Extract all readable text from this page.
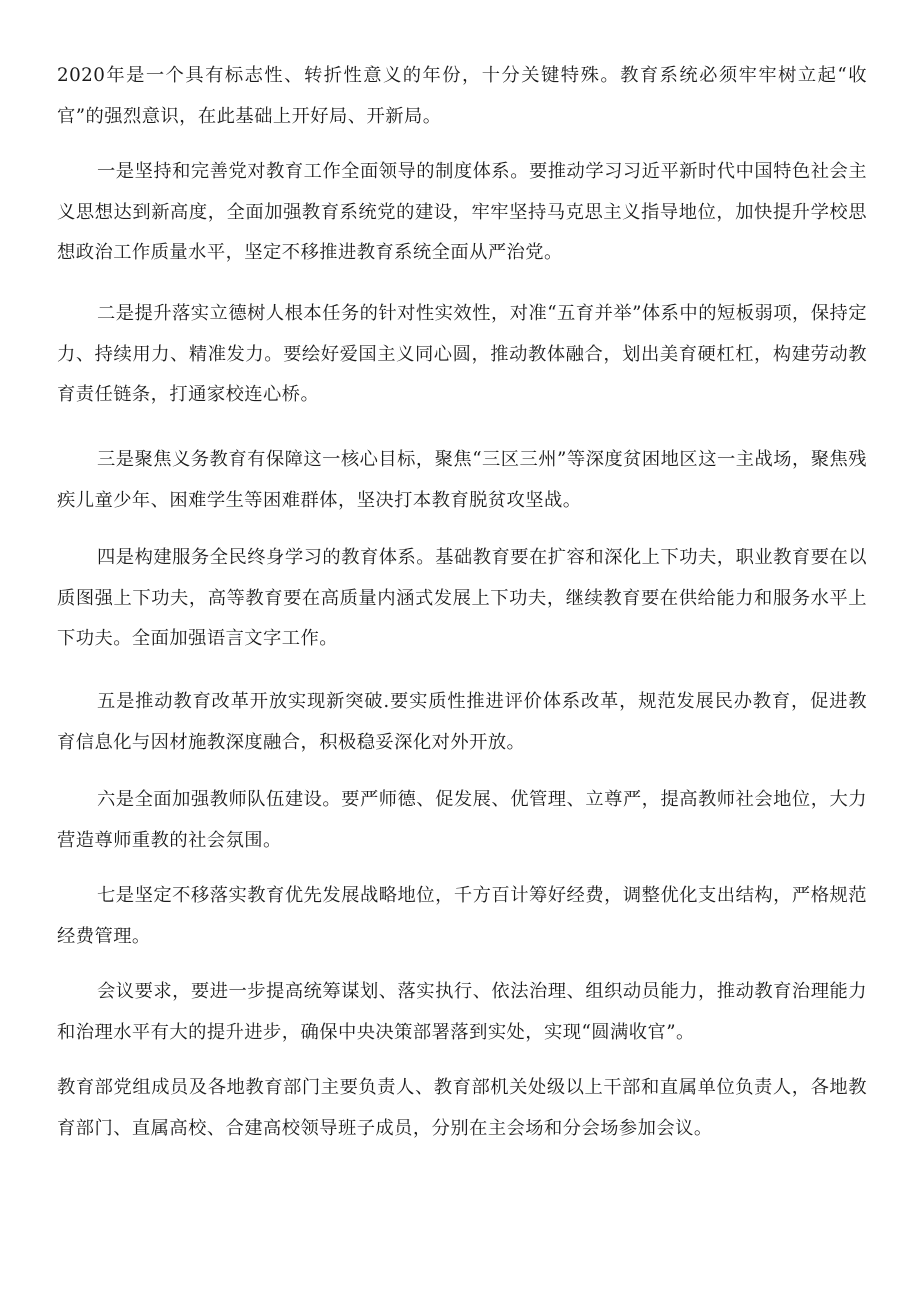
2020年是一个具有标志性、转折性意义的年份，十分关键特殊。教育系统必须牢牢树立起“收官”的强烈意识，在此基础上开好局、开新局。

一是坚持和完善党对教育工作全面领导的制度体系。要推动学习习近平新时代中国特色社会主义思想达到新高度，全面加强教育系统党的建设，牢牢坚持马克思主义指导地位，加快提升学校思想政治工作质量水平，坚定不移推进教育系统全面从严治党。

二是提升落实立德树人根本任务的针对性实效性，对准“五育并举”体系中的短板弱项，保持定力、持续用力、精准发力。要绘好爱国主义同心圆，推动教体融合，划出美育硬杠杠，构建劳动教育责任链条，打通家校连心桥。

三是聚焦义务教育有保障这一核心目标，聚焦“三区三州”等深度贫困地区这一主战场，聚焦残疾儿童少年、困难学生等困难群体，坚决打本教育脱贫攻坚战。

四是构建服务全民终身学习的教育体系。基础教育要在扩容和深化上下功夫，职业教育要在以质图强上下功夫，高等教育要在高质量内涵式发展上下功夫，继续教育要在供给能力和服务水平上下功夫。全面加强语言文字工作。

五是推动教育改革开放实现新突破.要实质性推进评价体系改革，规范发展民办教育，促进教育信息化与因材施教深度融合，积极稳妥深化对外开放。

六是全面加强教师队伍建设。要严师德、促发展、优管理、立尊严，提高教师社会地位，大力营造尊师重教的社会氛围。

七是坚定不移落实教育优先发展战略地位，千方百计筹好经费，调整优化支出结构，严格规范经费管理。

会议要求，要进一步提高统筹谋划、落实执行、依法治理、组织动员能力，推动教育治理能力和治理水平有大的提升进步，确保中央决策部署落到实处，实现“圆满收官”。

教育部党组成员及各地教育部门主要负责人、教育部机关处级以上干部和直属单位负责人，各地教育部门、直属高校、合建高校领导班子成员，分别在主会场和分会场参加会议。
